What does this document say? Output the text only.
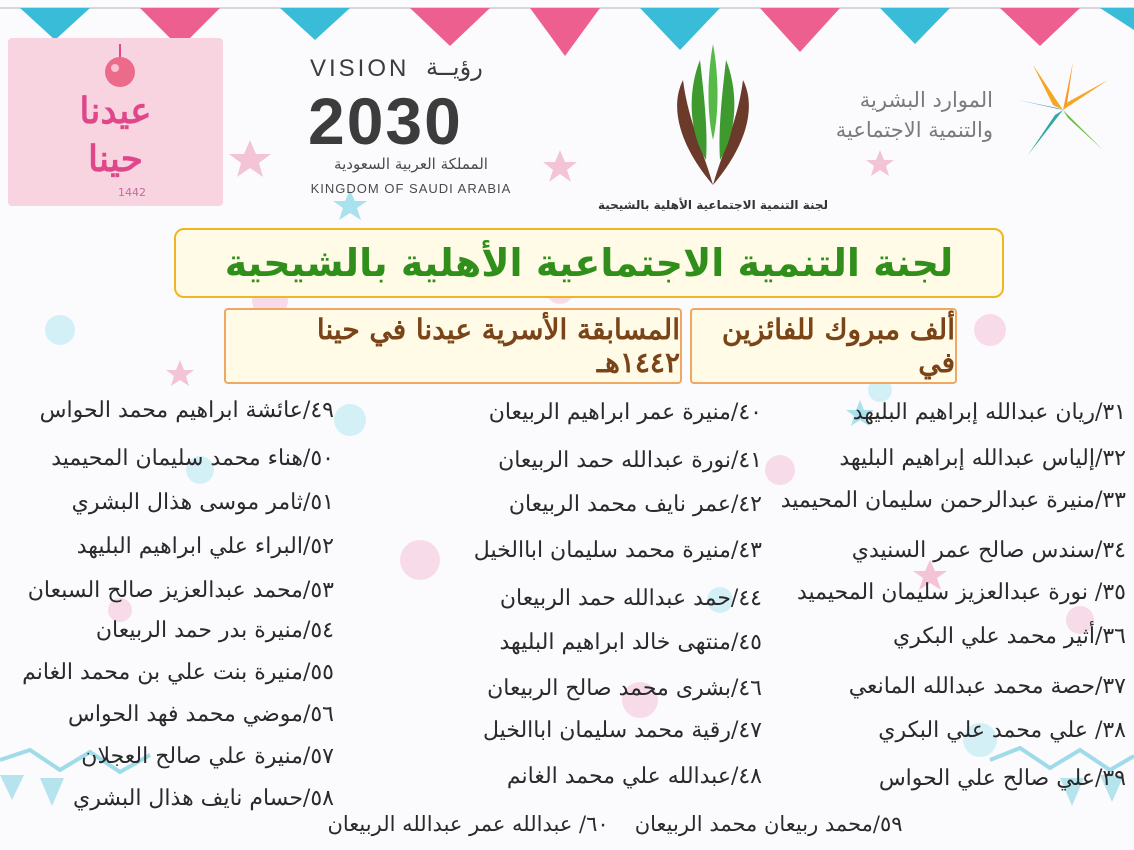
عيدنا
حينا
1442
VISION رؤيــة
2030
المملكة العربية السعودية
KINGDOM OF SAUDI ARABIA
لجنة التنمية الاجتماعية الأهلية بالشيحية
الموارد البشرية
والتنمية الاجتماعية
لجنة التنمية الاجتماعية الأهلية بالشيحية
ألف مبروك للفائزين في
المسابقة الأسرية عيدنا في حينا ١٤٤٢هـ
٣١/ريان عبدالله إبراهيم البليهد
٣٢/إلياس عبدالله إبراهيم البليهد
٣٣/منيرة عبدالرحمن سليمان المحيميد
٣٤/سندس صالح عمر السنيدي
٣٥/ نورة عبدالعزيز سليمان المحيميد
٣٦/أثير محمد علي البكري
٣٧/حصة محمد عبدالله المانعي
٣٨/ علي محمد علي البكري
٣٩/علي صالح علي الحواس
٤٠/منيرة عمر ابراهيم الربيعان
٤١/نورة عبدالله حمد الربيعان
٤٢/عمر نايف محمد الربيعان
٤٣/منيرة محمد سليمان اباالخيل
٤٤/حمد عبدالله حمد الربيعان
٤٥/منتهى خالد ابراهيم البليهد
٤٦/بشرى محمد صالح الربيعان
٤٧/رقية محمد سليمان اباالخيل
٤٨/عبدالله علي محمد الغانم
٤٩/عائشة ابراهيم محمد الحواس
٥٠/هناء محمد سليمان المحيميد
٥١/ثامر موسى هذال البشري
٥٢/البراء علي ابراهيم البليهد
٥٣/محمد عبدالعزيز صالح السبعان
٥٤/منيرة بدر حمد الربيعان
٥٥/منيرة بنت علي بن محمد الغانم
٥٦/موضي محمد فهد الحواس
٥٧/منيرة علي صالح العجلان
٥٨/حسام نايف هذال البشري
٥٩/محمد ربيعان محمد الربيعان
٦٠/ عبدالله عمر عبدالله الربيعان
